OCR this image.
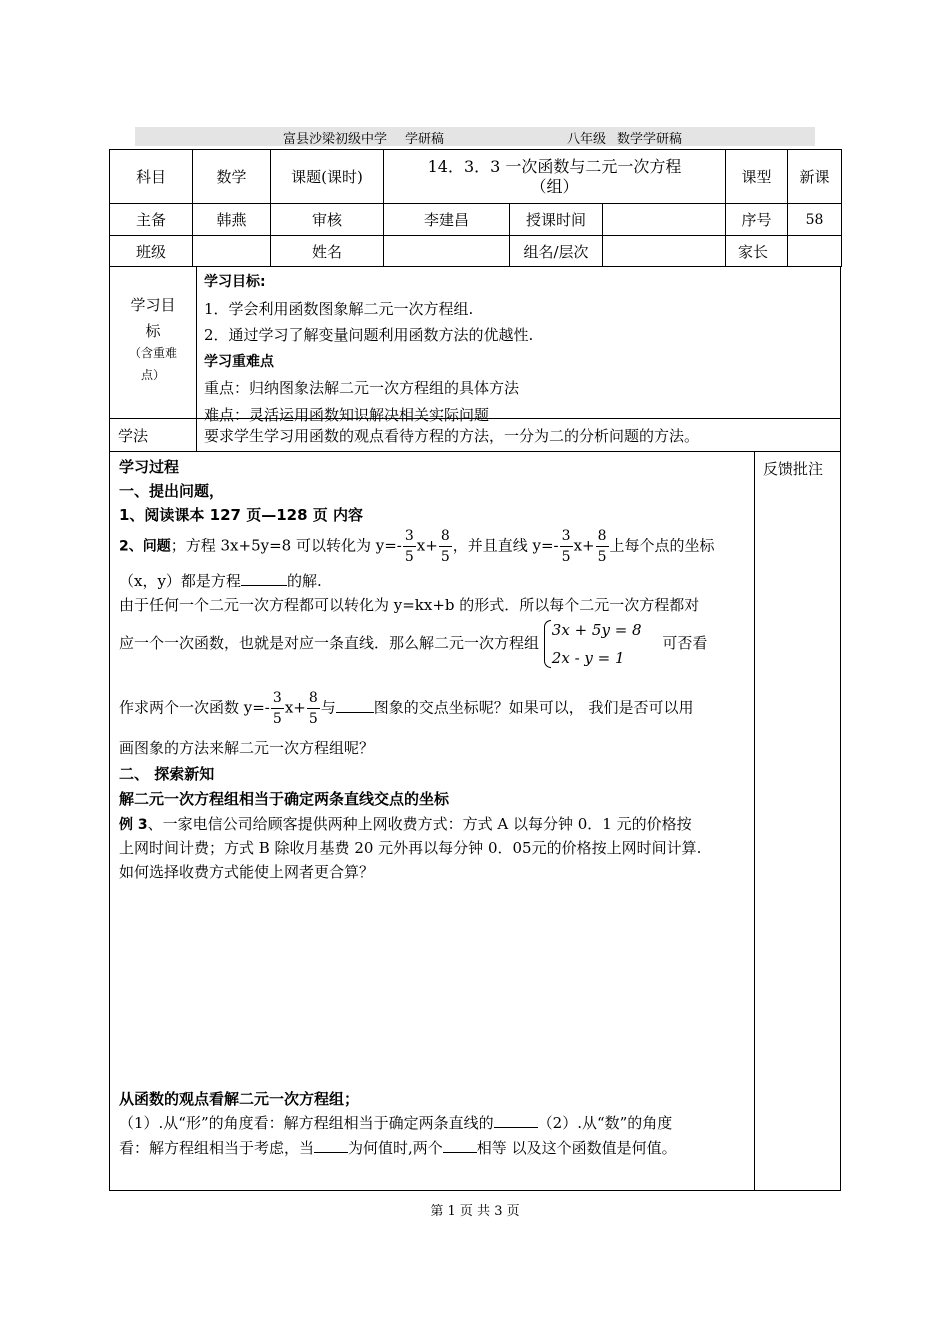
富县沙梁初级中学 学研稿	八年级 数学学研稿
科目	数学	课题(课时)	14．3．3 一次函数与二元一次方程
（组）			课型	新课
主备	韩燕	审核	李建昌	授课时间		序号	58
班级		姓名		组名/层次		家长	
学习目
标
（含重难
点）
学习目标:
1．学会利用函数图象解二元一次方程组.
2．通过学习了解变量问题利用函数方法的优越性.
学习重难点
重点：归纳图象法解二元一次方程组的具体方法
难点：灵活运用函数知识解决相关实际问题
学法	要求学生学习用函数的观点看待方程的方法，一分为二的分析问题的方法。
学习过程
一、提出问题，
1、阅读课本 127 页—128 页 内容
2、问题；方程 3x+5y=8 可以转化为 $y=- \frac{3}{5} x+ \frac{8}{5}$ ，并且直线 $y=- \frac{3}{5} x+ \frac{8}{5}$ 上每个点的坐标
（x，y）都是方程	的解.
由于任何一个二元一次方程都可以转化为 y=kx+b 的形式．所以每个二元一次方程都对
应一个一次函数，也就是对应一条直线．那么解二元一次方程组
3x + 5y = 8
2x - y = 1
可否看
作求两个一次函数 $y=- \frac{3}{5} x+ \frac{8}{5}$ 与	图象的交点坐标呢？如果可以， 我们是否可以用
画图象的方法来解二元一次方程组呢？
二、 探索新知
解二元一次方程组相当于确定两条直线交点的坐标
例 3、一家电信公司给顾客提供两种上网收费方式：方式 A 以每分钟 0．1 元的价格按
上网时间计费；方式 B 除收月基费 20 元外再以每分钟 0．05元的价格按上网时间计算.
如何选择收费方式能使上网者更合算？
从函数的观点看解二元一次方程组；
（1）.从“形”的角度看：解方程组相当于确定两条直线的	（2）.从“数”的角度
看：解方程组相当于考虑，当 为何值时,两个 相等 以及这个函数值是何值。
反馈批注
第 1 页 共 3 页
